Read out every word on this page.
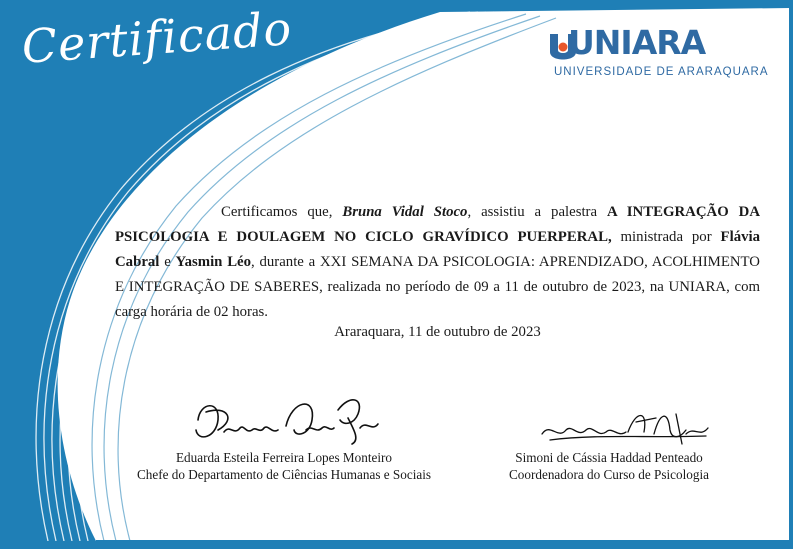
Certificado	UNIARA
UNIVERSIDADE DE ARARAQUARA
Certificamos que, Bruna Vidal Stoco, assistiu a palestra A INTEGRAÇÃO DA PSICOLOGIA E DOULAGEM NO CICLO GRAVÍDICO PUERPERAL, ministrada por Flávia Cabral e Yasmin Léo, durante a XXI SEMANA DA PSICOLOGIA: APRENDIZADO, ACOLHIMENTO E INTEGRAÇÃO DE SABERES, realizada no período de 09 a 11 de outubro de 2023, na UNIARA, com carga horária de 02 horas.
Araraquara, 11 de outubro de 2023
Eduarda Esteila Ferreira Lopes Monteiro
Chefe do Departamento de Ciências Humanas e Sociais
Simoni de Cássia Haddad Penteado
Coordenadora do Curso de Psicologia
